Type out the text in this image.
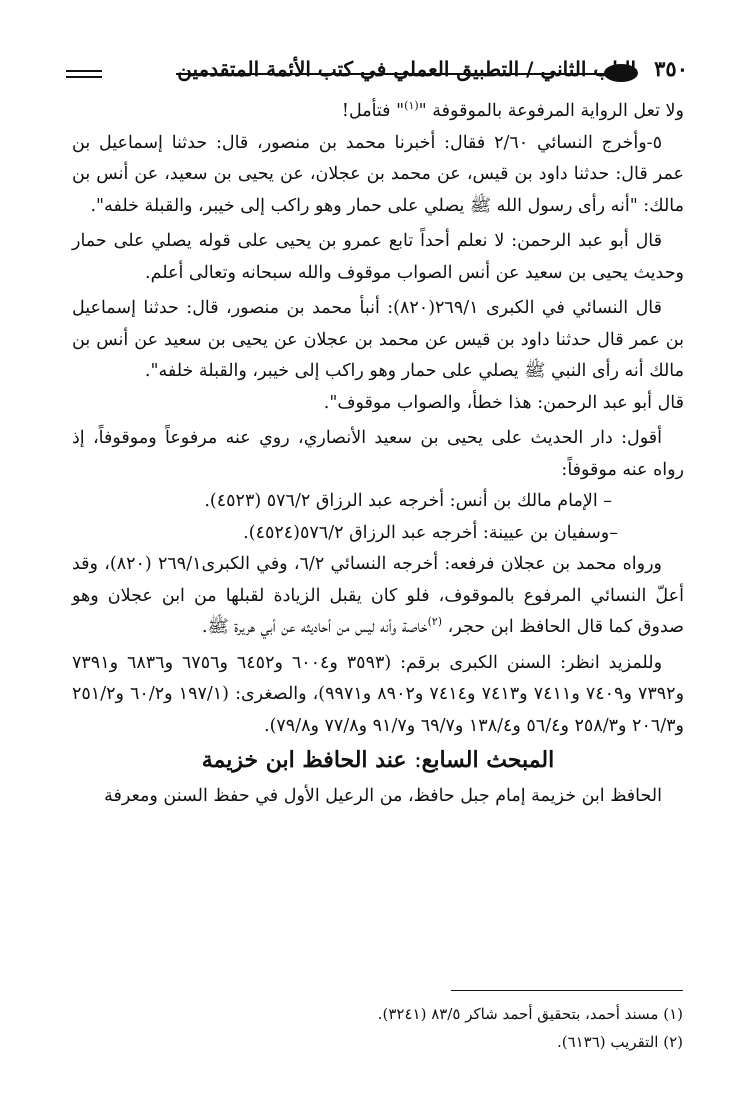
الباب الثاني / التطبيق العملي في كتب الأئمة المتقدمين ٣٥٠

ولا تعل الرواية المرفوعة بالموقوفة "$^{(١)}$" فتأمل!

٥-وأخرج النسائي ٢/٦٠ فقال: أخبرنا محمد بن منصور، قال: حدثنا إسماعيل بن عمر قال: حدثنا داود بن قيس، عن محمد بن عجلان، عن يحيى بن سعيد، عن أنس بن مالك: "أنه رأى رسول الله ﷺ يصلي على حمار وهو راكب إلى خيبر، والقبلة خلفه".

قال أبو عبد الرحمن: لا نعلم أحداً تابع عمرو بن يحيى على قوله يصلي على حمار وحديث يحيى بن سعيد عن أنس الصواب موقوف والله سبحانه وتعالى أعلم.

قال النسائي في الكبرى ٢٦٩/١(٨٢٠): أنبأ محمد بن منصور، قال: حدثنا إسماعيل بن عمر قال حدثنا داود بن قيس عن محمد بن عجلان عن يحيى بن سعيد عن أنس بن مالك أنه رأى النبي ﷺ يصلي على حمار وهو راكب إلى خيبر، والقبلة خلفه".

قال أبو عبد الرحمن: هذا خطأ، والصواب موقوف".

أقول: دار الحديث على يحيى بن سعيد الأنصاري، روي عنه مرفوعاً وموقوفاً، إذ رواه عنه موقوفاً:

– الإمام مالك بن أنس: أخرجه عبد الرزاق ٥٧٦/٢ (٤٥٢٣).

–وسفيان بن عيينة: أخرجه عبد الرزاق ٥٧٦/٢(٤٥٢٤).

ورواه محمد بن عجلان فرفعه: أخرجه النسائي ٦/٢، وفي الكبرى٢٦٩/١ (٨٢٠)، وقد أعلّ النسائي المرفوع بالموقوف، فلو كان يقبل الزيادة لقبلها من ابن عجلان وهو صدوق كما قال الحافظ ابن حجر، $^{(٢)}$خاصة وأنه ليس من أحاديثه عن أبي هريرة ﷺ.

وللمزيد انظر: السنن الكبرى برقم: (٣٥٩٣ و٦٠٠٤ و٦٤٥٢ و٦٧٥٦ و٦٨٣٦ و٧٣٩١ و٧٣٩٢ و٧٤٠٩ و٧٤١١ و٧٤١٣ و٧٤١٤ و٨٩٠٢ و٩٩٧١)، والصغرى: (١٩٧/١ و٦٠/٢ و٢٥١/٢ و٢٠٦/٣ و٢٥٨/٣ و٥٦/٤ و١٣٨/٤ و٦٩/٧ و٩١/٧ و٧٧/٨ و٧٩/٨).

المبحث السابع: عند الحافظ ابن خزيمة

الحافظ ابن خزيمة إمام جبل حافظ، من الرعيل الأول في حفظ السنن ومعرفة

(١) مسند أحمد، بتحقيق أحمد شاكر ٨٣/٥ (٣٢٤١).

(٢) التقريب (٦١٣٦).
